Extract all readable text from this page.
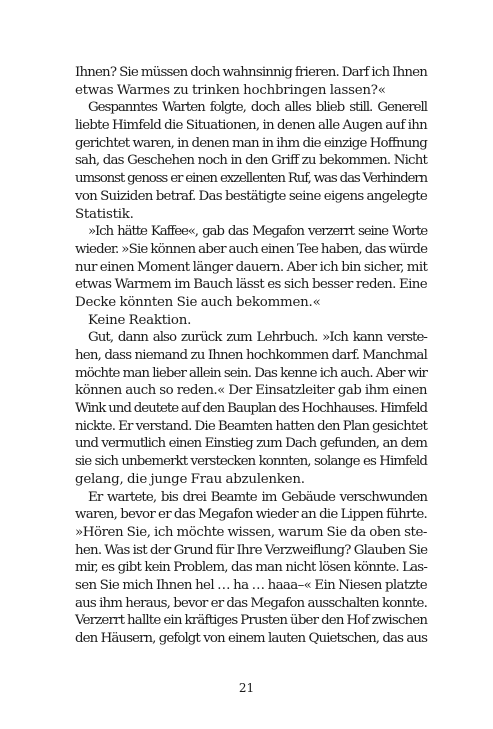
Ihnen? Sie müssen doch wahnsinnig frieren. Darf ich Ihnen
etwas Warmes zu trinken hochbringen lassen?«
Gespanntes Warten folgte, doch alles blieb still. Generell
liebte Himfeld die Situationen, in denen alle Augen auf ihn
gerichtet waren, in denen man in ihm die einzige Hoffnung
sah, das Geschehen noch in den Griff zu bekommen. Nicht
umsonst genoss er einen exzellenten Ruf, was das Verhindern
von Suiziden betraf. Das bestätigte seine eigens angelegte
Statistik.
»Ich hätte Kaffee«, gab das Megafon verzerrt seine Worte
wieder. »Sie können aber auch einen Tee haben, das würde
nur einen Moment länger dauern. Aber ich bin sicher, mit
etwas Warmem im Bauch lässt es sich besser reden. Eine
Decke könnten Sie auch bekommen.«
Keine Reaktion.
Gut, dann also zurück zum Lehrbuch. »Ich kann verste-
hen, dass niemand zu Ihnen hochkommen darf. Manchmal
möchte man lieber allein sein. Das kenne ich auch. Aber wir
können auch so reden.« Der Einsatzleiter gab ihm einen
Wink und deutete auf den Bauplan des Hochhauses. Himfeld
nickte. Er verstand. Die Beamten hatten den Plan gesichtet
und vermutlich einen Einstieg zum Dach gefunden, an dem
sie sich unbemerkt verstecken konnten, solange es Himfeld
gelang, die junge Frau abzulenken.
Er wartete, bis drei Beamte im Gebäude verschwunden
waren, bevor er das Megafon wieder an die Lippen führte.
»Hören Sie, ich möchte wissen, warum Sie da oben ste-
hen. Was ist der Grund für Ihre Verzweiflung? Glauben Sie
mir, es gibt kein Problem, das man nicht lösen könnte. Las-
sen Sie mich Ihnen hel … ha … haaa–« Ein Niesen platzte
aus ihm heraus, bevor er das Megafon ausschalten konnte.
Verzerrt hallte ein kräftiges Prusten über den Hof zwischen
den Häusern, gefolgt von einem lauten Quietschen, das aus
21
